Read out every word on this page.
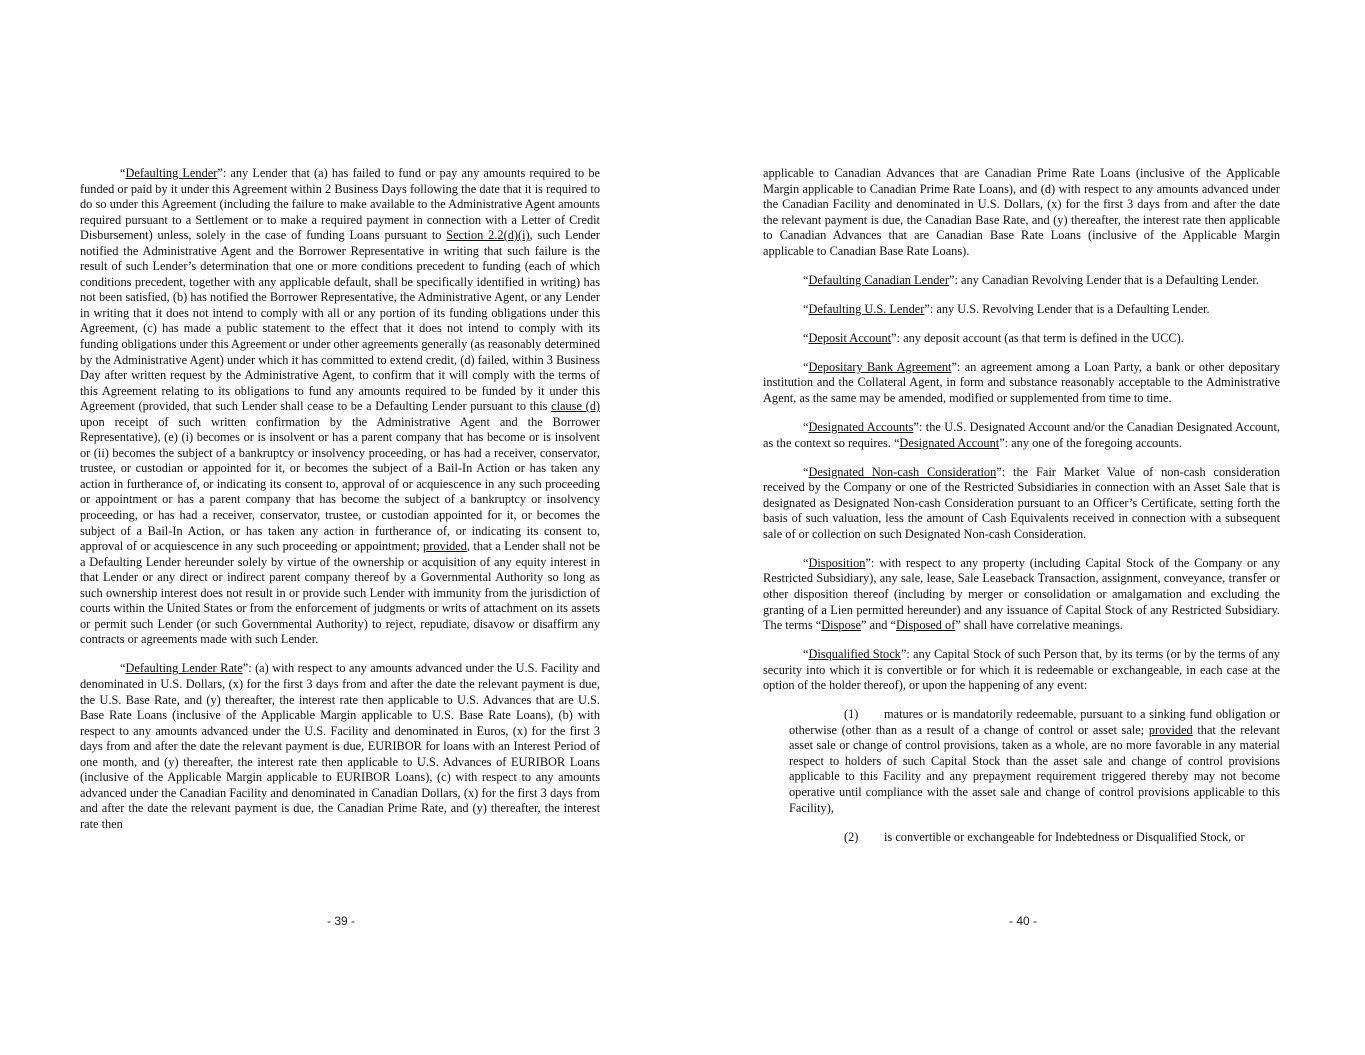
“Defaulting Lender”: any Lender that (a) has failed to fund or pay any amounts required to be funded or paid by it under this Agreement within 2 Business Days following the date that it is required to do so under this Agreement (including the failure to make available to the Administrative Agent amounts required pursuant to a Settlement or to make a required payment in connection with a Letter of Credit Disbursement) unless, solely in the case of funding Loans pursuant to Section 2.2(d)(i), such Lender notified the Administrative Agent and the Borrower Representative in writing that such failure is the result of such Lender’s determination that one or more conditions precedent to funding (each of which conditions precedent, together with any applicable default, shall be specifically identified in writing) has not been satisfied, (b) has notified the Borrower Representative, the Administrative Agent, or any Lender in writing that it does not intend to comply with all or any portion of its funding obligations under this Agreement, (c) has made a public statement to the effect that it does not intend to comply with its funding obligations under this Agreement or under other agreements generally (as reasonably determined by the Administrative Agent) under which it has committed to extend credit, (d) failed, within 3 Business Day after written request by the Administrative Agent, to confirm that it will comply with the terms of this Agreement relating to its obligations to fund any amounts required to be funded by it under this Agreement (provided, that such Lender shall cease to be a Defaulting Lender pursuant to this clause (d) upon receipt of such written confirmation by the Administrative Agent and the Borrower Representative), (e) (i) becomes or is insolvent or has a parent company that has become or is insolvent or (ii) becomes the subject of a bankruptcy or insolvency proceeding, or has had a receiver, conservator, trustee, or custodian or appointed for it, or becomes the subject of a Bail-In Action or has taken any action in furtherance of, or indicating its consent to, approval of or acquiescence in any such proceeding or appointment or has a parent company that has become the subject of a bankruptcy or insolvency proceeding, or has had a receiver, conservator, trustee, or custodian appointed for it, or becomes the subject of a Bail-In Action, or has taken any action in furtherance of, or indicating its consent to, approval of or acquiescence in any such proceeding or appointment; provided, that a Lender shall not be a Defaulting Lender hereunder solely by virtue of the ownership or acquisition of any equity interest in that Lender or any direct or indirect parent company thereof by a Governmental Authority so long as such ownership interest does not result in or provide such Lender with immunity from the jurisdiction of courts within the United States or from the enforcement of judgments or writs of attachment on its assets or permit such Lender (or such Governmental Authority) to reject, repudiate, disavow or disaffirm any contracts or agreements made with such Lender.

“Defaulting Lender Rate”: (a) with respect to any amounts advanced under the U.S. Facility and denominated in U.S. Dollars, (x) for the first 3 days from and after the date the relevant payment is due, the U.S. Base Rate, and (y) thereafter, the interest rate then applicable to U.S. Advances that are U.S. Base Rate Loans (inclusive of the Applicable Margin applicable to U.S. Base Rate Loans), (b) with respect to any amounts advanced under the U.S. Facility and denominated in Euros, (x) for the first 3 days from and after the date the relevant payment is due, EURIBOR for loans with an Interest Period of one month, and (y) thereafter, the interest rate then applicable to U.S. Advances of EURIBOR Loans (inclusive of the Applicable Margin applicable to EURIBOR Loans), (c) with respect to any amounts advanced under the Canadian Facility and denominated in Canadian Dollars, (x) for the first 3 days from and after the date the relevant payment is due, the Canadian Prime Rate, and (y) thereafter, the interest rate then

- 39 -

applicable to Canadian Advances that are Canadian Prime Rate Loans (inclusive of the Applicable Margin applicable to Canadian Prime Rate Loans), and (d) with respect to any amounts advanced under the Canadian Facility and denominated in U.S. Dollars, (x) for the first 3 days from and after the date the relevant payment is due, the Canadian Base Rate, and (y) thereafter, the interest rate then applicable to Canadian Advances that are Canadian Base Rate Loans (inclusive of the Applicable Margin applicable to Canadian Base Rate Loans).

“Defaulting Canadian Lender”: any Canadian Revolving Lender that is a Defaulting Lender.

“Defaulting U.S. Lender”: any U.S. Revolving Lender that is a Defaulting Lender.

“Deposit Account”: any deposit account (as that term is defined in the UCC).

“Depositary Bank Agreement”: an agreement among a Loan Party, a bank or other depositary institution and the Collateral Agent, in form and substance reasonably acceptable to the Administrative Agent, as the same may be amended, modified or supplemented from time to time.

“Designated Accounts”: the U.S. Designated Account and/or the Canadian Designated Account, as the context so requires. “Designated Account”: any one of the foregoing accounts.

“Designated Non-cash Consideration”: the Fair Market Value of non-cash consideration received by the Company or one of the Restricted Subsidiaries in connection with an Asset Sale that is designated as Designated Non-cash Consideration pursuant to an Officer’s Certificate, setting forth the basis of such valuation, less the amount of Cash Equivalents received in connection with a subsequent sale of or collection on such Designated Non-cash Consideration.

“Disposition”: with respect to any property (including Capital Stock of the Company or any Restricted Subsidiary), any sale, lease, Sale Leaseback Transaction, assignment, conveyance, transfer or other disposition thereof (including by merger or consolidation or amalgamation and excluding the granting of a Lien permitted hereunder) and any issuance of Capital Stock of any Restricted Subsidiary. The terms “Dispose” and “Disposed of” shall have correlative meanings.

“Disqualified Stock”: any Capital Stock of such Person that, by its terms (or by the terms of any security into which it is convertible or for which it is redeemable or exchangeable, in each case at the option of the holder thereof), or upon the happening of any event:

(1) matures or is mandatorily redeemable, pursuant to a sinking fund obligation or otherwise (other than as a result of a change of control or asset sale; provided that the relevant asset sale or change of control provisions, taken as a whole, are no more favorable in any material respect to holders of such Capital Stock than the asset sale and change of control provisions applicable to this Facility and any prepayment requirement triggered thereby may not become operative until compliance with the asset sale and change of control provisions applicable to this Facility),

(2) is convertible or exchangeable for Indebtedness or Disqualified Stock, or

- 40 -
